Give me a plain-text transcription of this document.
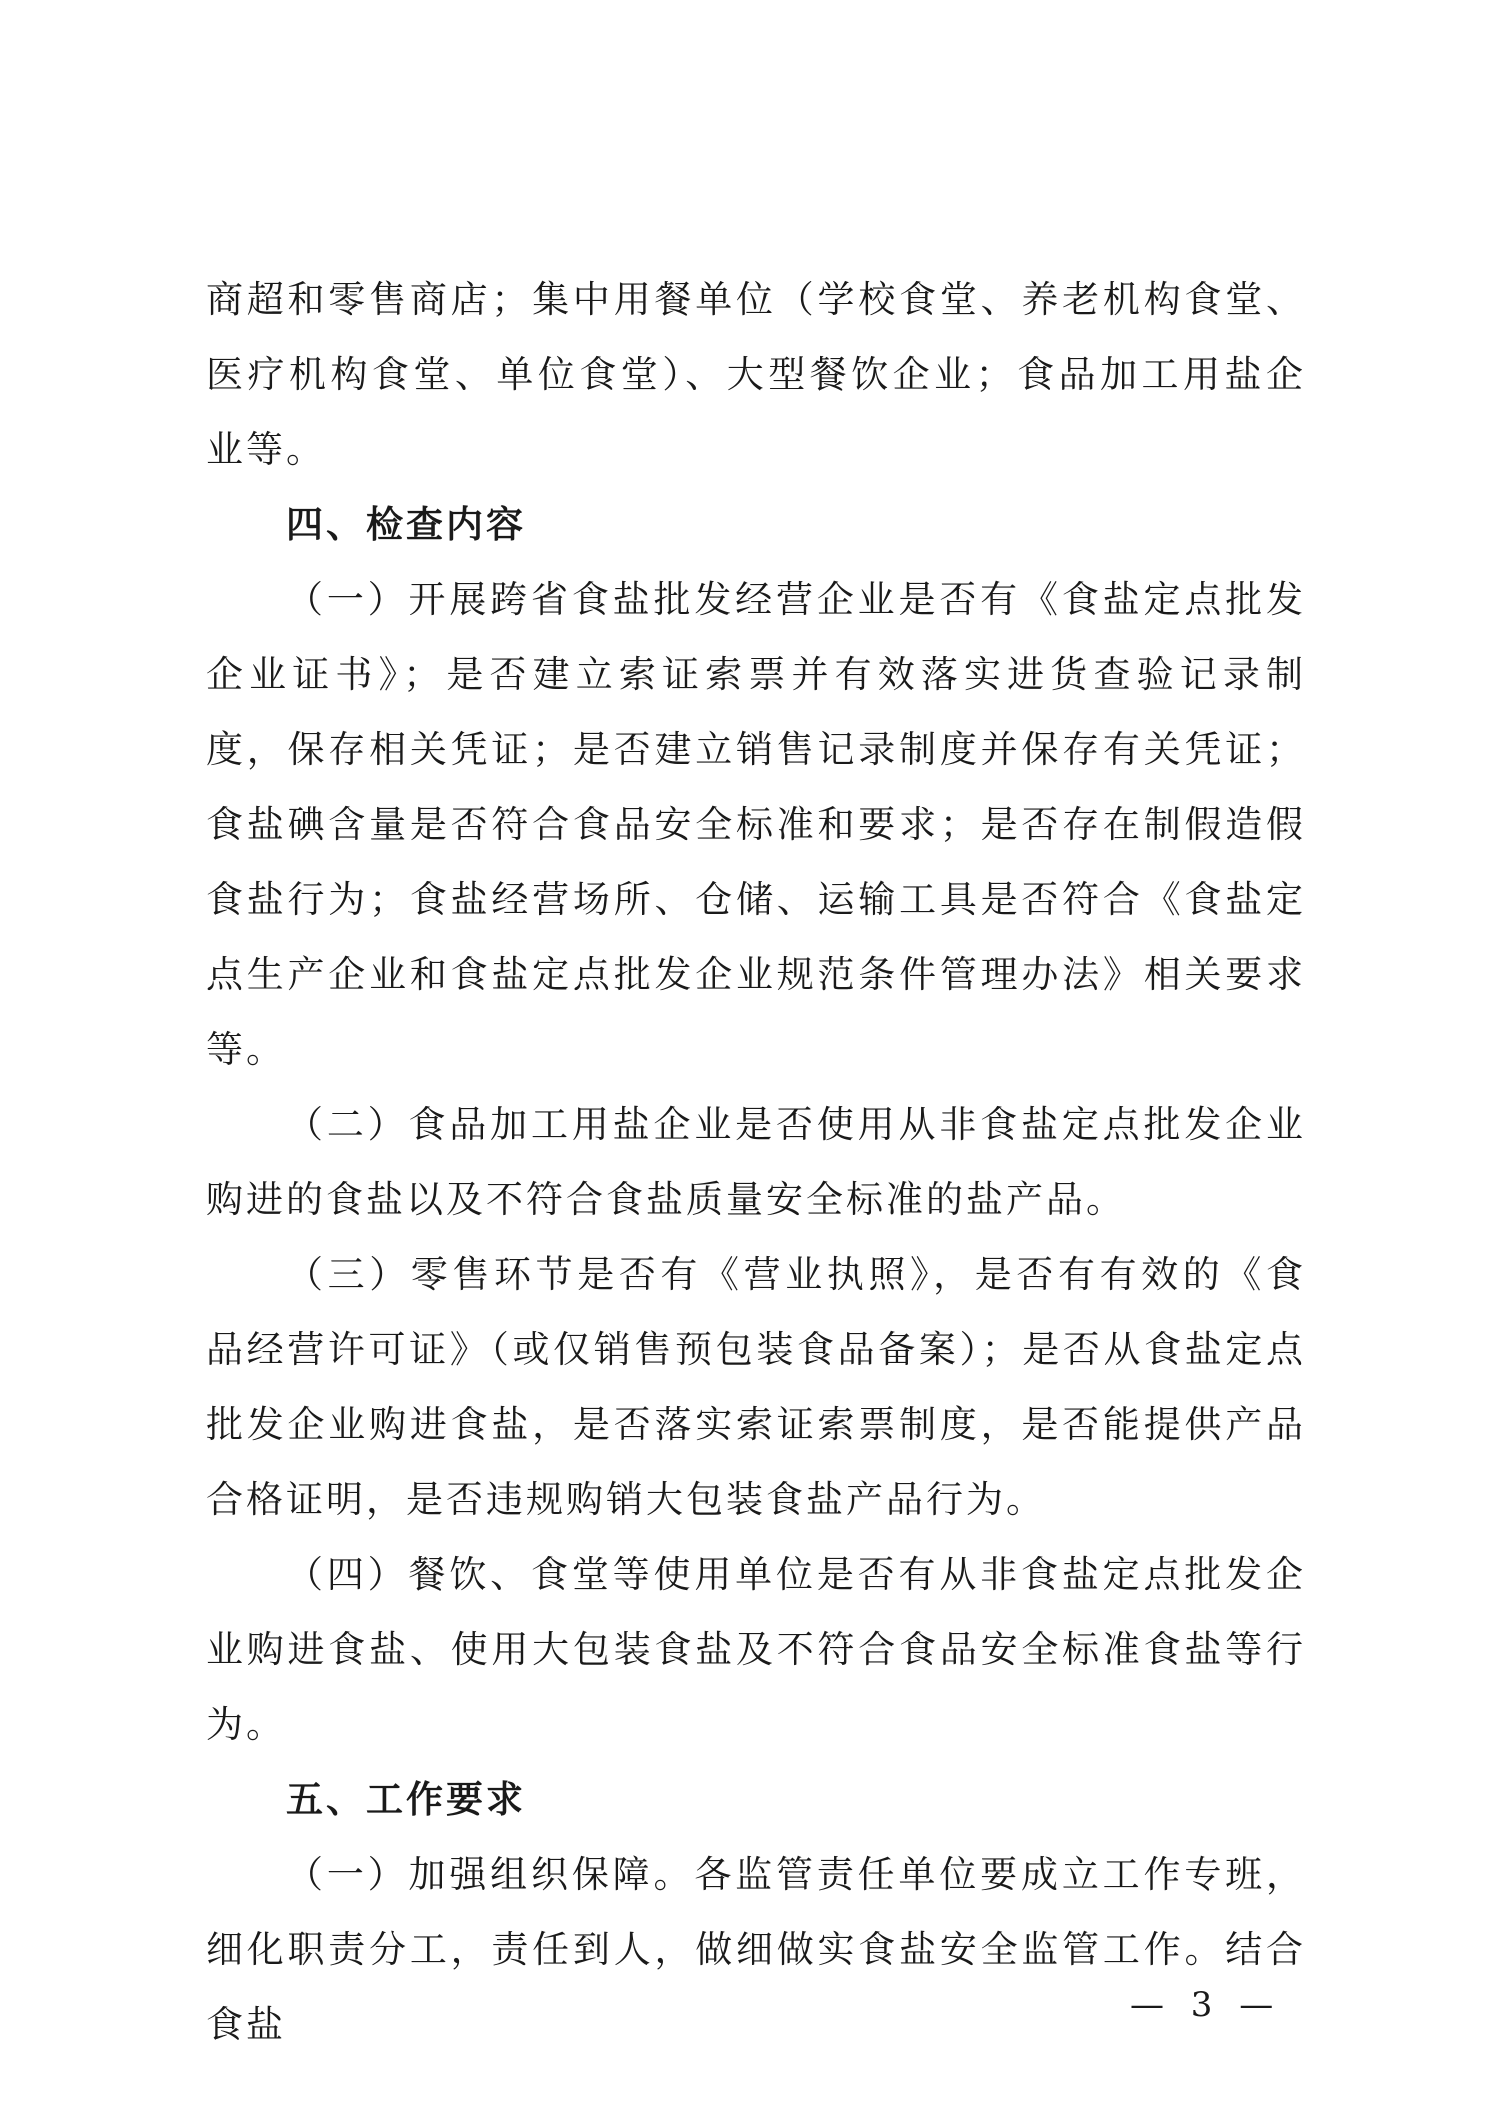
商超和零售商店；集中用餐单位（学校食堂、养老机构食堂、医疗机构食堂、单位食堂）、大型餐饮企业；食品加工用盐企业等。

四、检查内容

（一）开展跨省食盐批发经营企业是否有《食盐定点批发企业证书》；是否建立索证索票并有效落实进货查验记录制度，保存相关凭证；是否建立销售记录制度并保存有关凭证；食盐碘含量是否符合食品安全标准和要求；是否存在制假造假食盐行为；食盐经营场所、仓储、运输工具是否符合《食盐定点生产企业和食盐定点批发企业规范条件管理办法》相关要求等。

（二）食品加工用盐企业是否使用从非食盐定点批发企业购进的食盐以及不符合食盐质量安全标准的盐产品。

（三）零售环节是否有《营业执照》，是否有有效的《食品经营许可证》（或仅销售预包装食品备案）；是否从食盐定点批发企业购进食盐，是否落实索证索票制度，是否能提供产品合格证明，是否违规购销大包装食盐产品行为。

（四）餐饮、食堂等使用单位是否有从非食盐定点批发企业购进食盐、使用大包装食盐及不符合食品安全标准食盐等行为。

五、工作要求

（一）加强组织保障。各监管责任单位要成立工作专班，细化职责分工，责任到人，做细做实食盐安全监管工作。结合食盐	— 3 —
